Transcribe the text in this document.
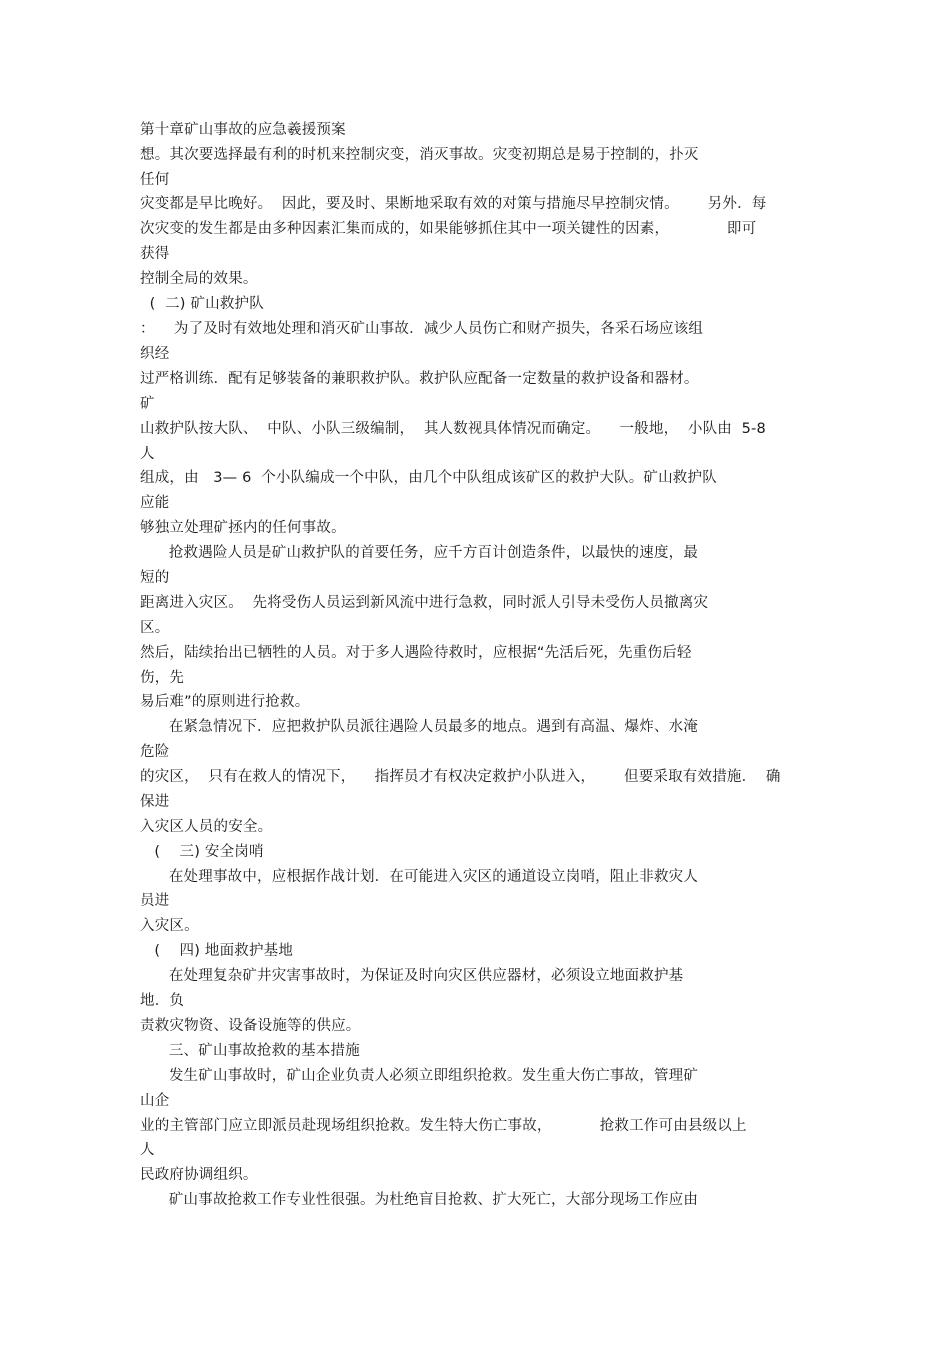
第十章矿山事故的应急羲援预案
想。其次要选择最有利的时机来控制灾变，消灭事故。灾变初期总是易于控制的，扑灭
任何
灾变都是早比晚好。  因此，要及时、果断地采取有效的对策与措施尽早控制灾情。      另外．每
次灾变的发生都是由多种因素汇集而成的，如果能够抓住其中一项关键性的因素，            即可
获得
控制全局的效果。
(  二) 矿山救护队
：    为了及时有效地处理和消灭矿山事故．减少人员伤亡和财产损失，各采石场应该组
织经
过严格训练．配有足够装备的兼职救护队。救护队应配备一定数量的救护设备和器材。
矿
山救护队按大队、  中队、小队三级编制，  其人数视具体情况而确定。    一般地，  小队由  5-8
人
组成，由   3— 6  个小队编成一个中队，由几个中队组成该矿区的救护大队。矿山救护队
应能
够独立处理矿拯内的任何事故。
抢救遇险人员是矿山救护队的首要任务，应千方百计创造条件，以最快的速度，最
短的
距离进入灾区。  先将受伤人员运到新风流中进行急救，同时派人引导未受伤人员撤离灾
区。
然后，陆续抬出已牺牲的人员。对于多人遇险待救时，应根据“先活后死，先重伤后轻
伤，先
易后难”的原则进行抢救。
在紧急情况下．应把救护队员派往遇险人员最多的地点。遇到有高温、爆炸、水淹
危险
的灾区，  只有在救人的情况下，    指挥员才有权决定救护小队进入，      但要采取有效措施．  确
保进
入灾区人员的安全。
(    三) 安全岗哨
在处理事故中，应根据作战计划．在可能进入灾区的通道设立岗哨，阻止非救灾人
员进
入灾区。
(    四) 地面救护基地
在处理复杂矿井灾害事故时，为保证及时向灾区供应器材，必须设立地面救护基
地．负
责救灾物资、设备设施等的供应。
三、矿山事故抢救的基本措施
发生矿山事故时，矿山企业负责人必须立即组织抢救。发生重大伤亡事故，管理矿
山企
业的主管部门应立即派员赴现场组织抢救。发生特大伤亡事故，          抢救工作可由县级以上
人
民政府协调组织。
矿山事故抢救工作专业性很强。为杜绝盲目抢救、扩大死亡，大部分现场工作应由
